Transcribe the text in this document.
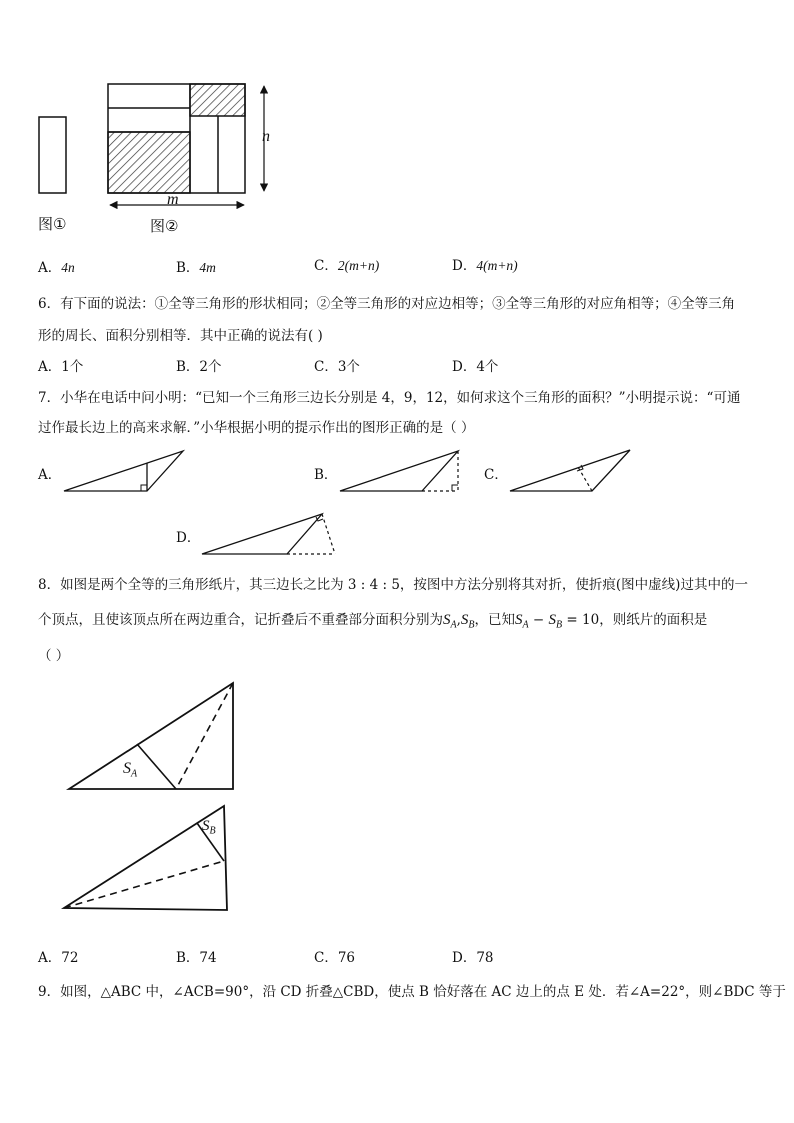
图①	图②
m
n
A．4n	B．4m	C．2(m+n)	D．4(m+n)
6．有下面的说法：①全等三角形的形状相同；②全等三角形的对应边相等；③全等三角形的对应角相等；④全等三角
形的周长、面积分别相等．其中正确的说法有( )
A．1个	B．2个	C．3个	D．4个
7．小华在电话中问小明：“已知一个三角形三边长分别是 4，9，12，如何求这个三角形的面积？”小明提示说：“可通
过作最长边上的高来求解．”小华根据小明的提示作出的图形正确的是（ ）
A．	B．	C．
D．
8．如图是两个全等的三角形纸片，其三边长之比为 3 : 4 : 5，按图中方法分别将其对折，使折痕(图中虚线)过其中的一
个顶点，且使该顶点所在两边重合，记折叠后不重叠部分面积分别为$S_A,S_B$，已知$S_A - S_B = 10$，则纸片的面积是
（ ）
$S_A$
$S_B$
A．72	B．74	C．76	D．78
9．如图，△ABC 中，∠ACB=90°，沿 CD 折叠△CBD，使点 B 恰好落在 AC 边上的点 E 处．若∠A=22°，则∠BDC 等于
